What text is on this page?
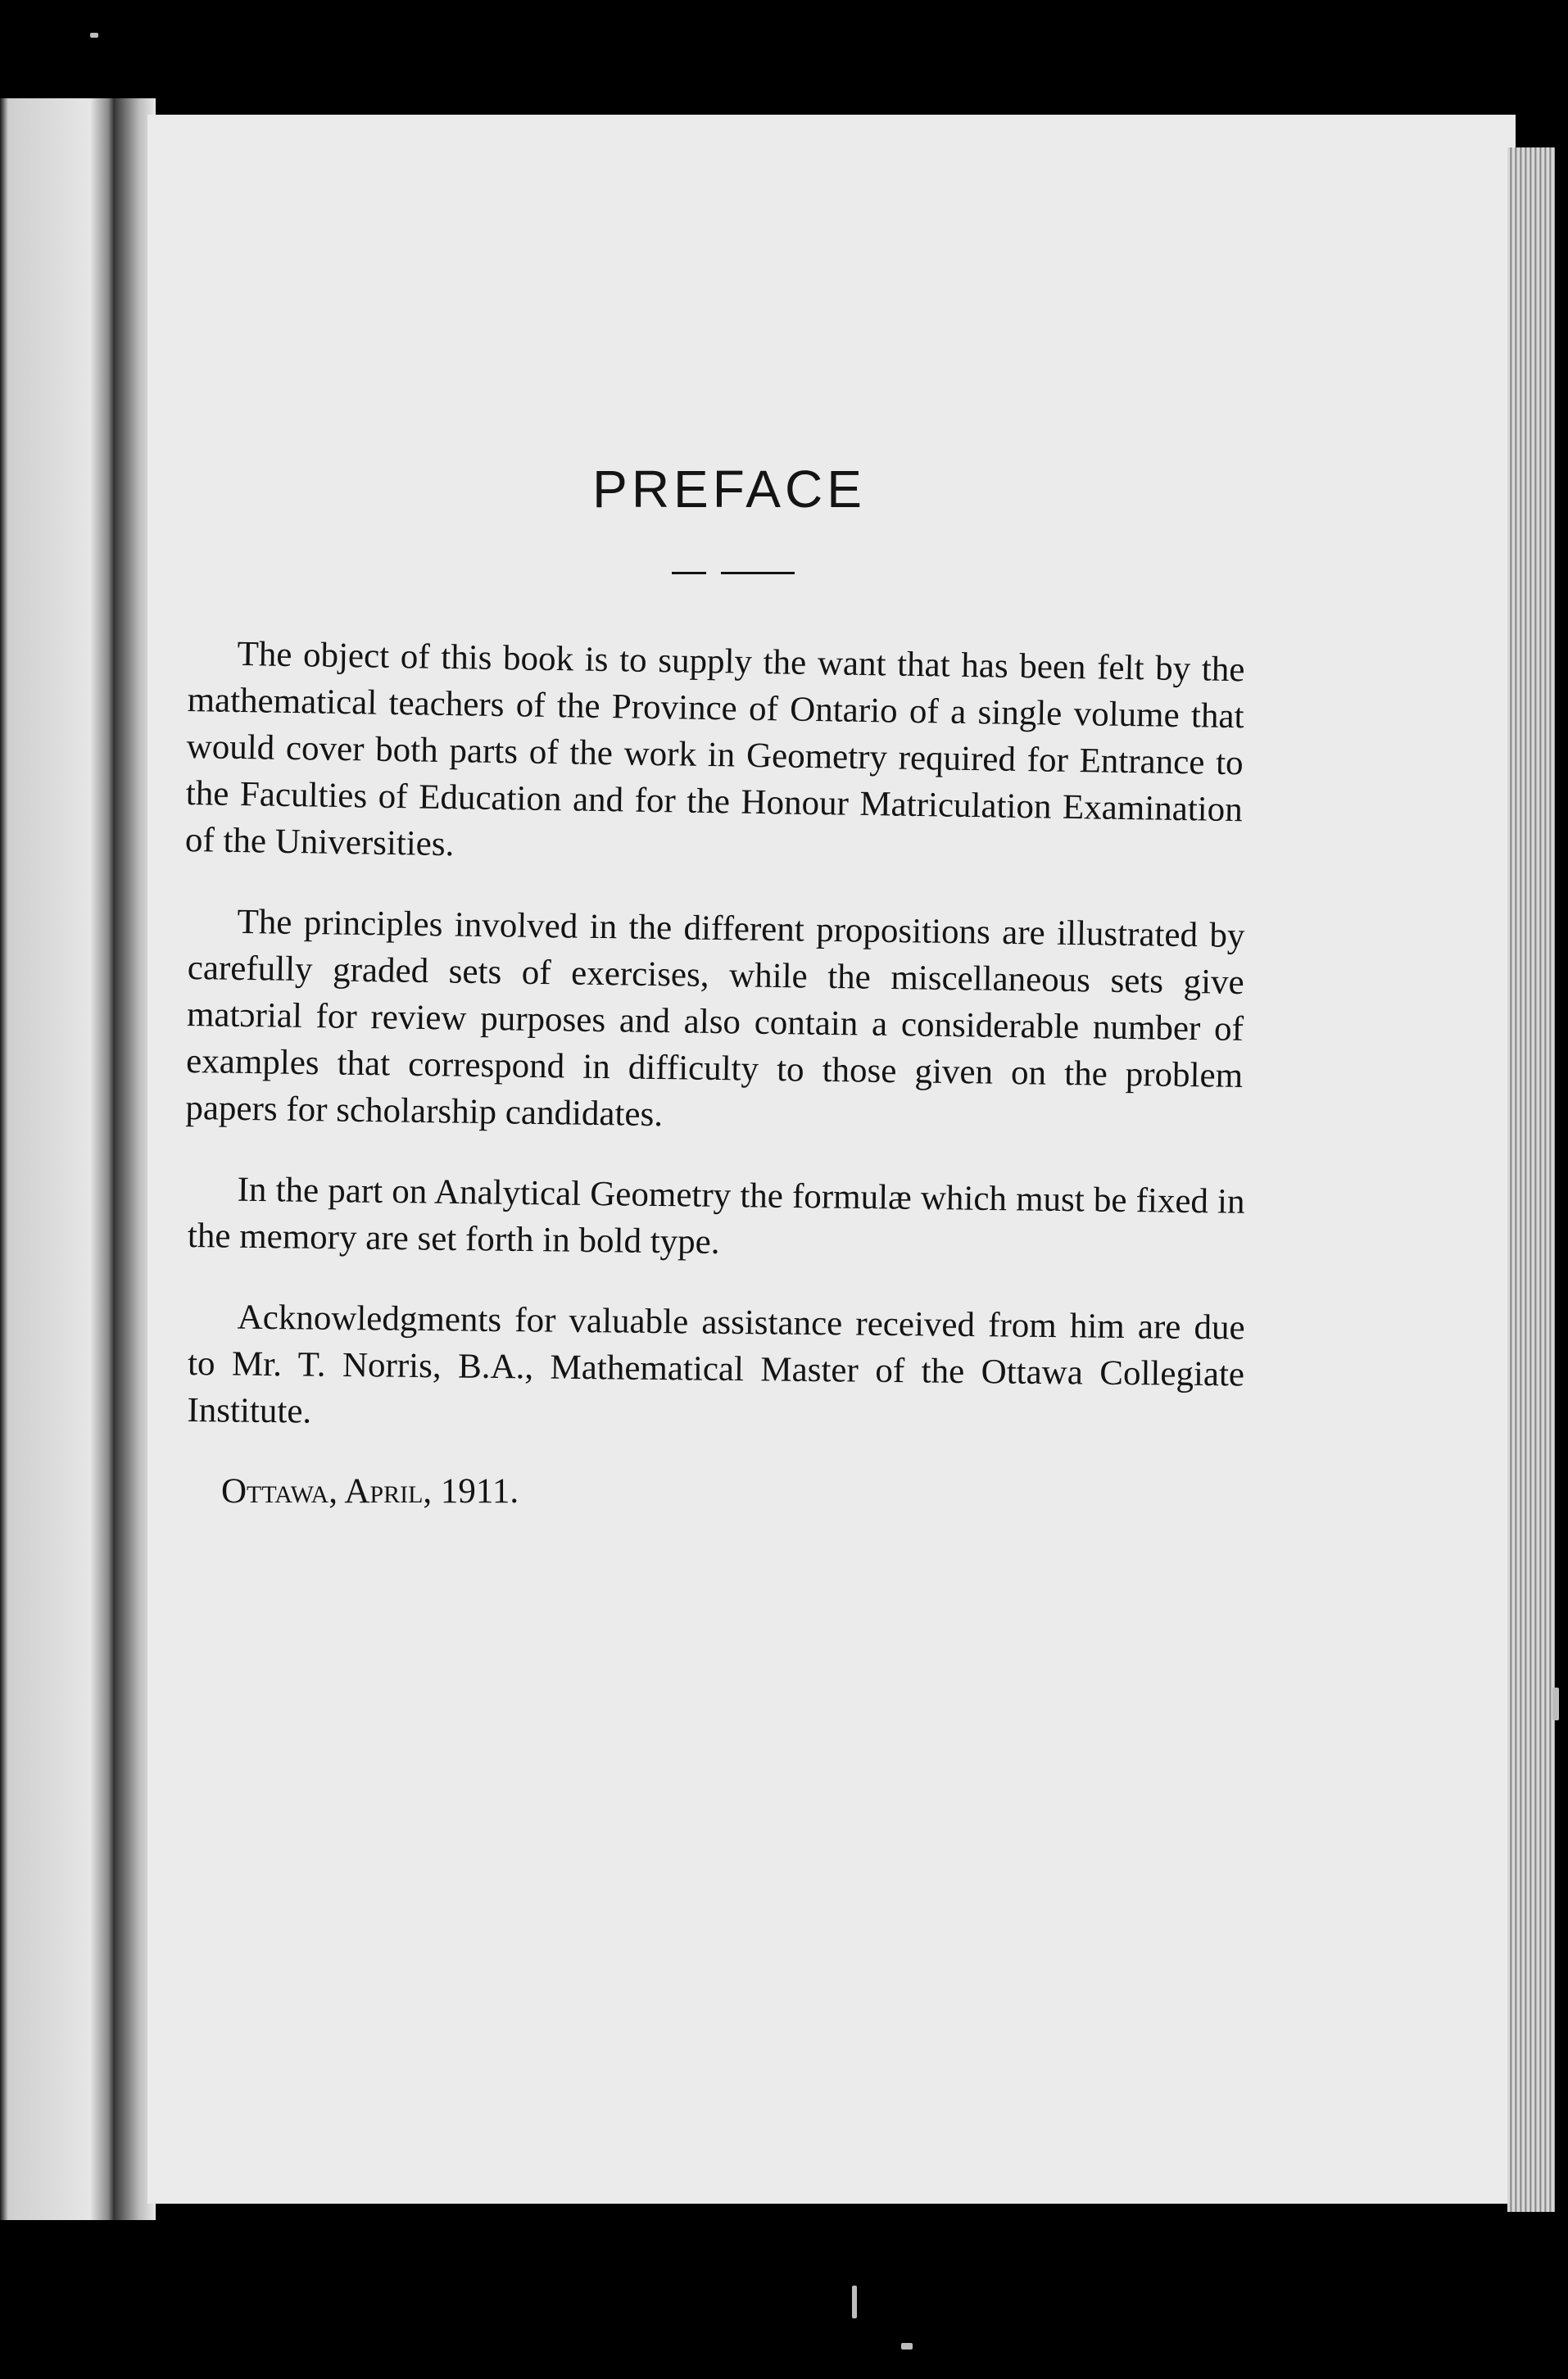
PREFACE

The object of this book is to supply the want that has been felt by the mathematical teachers of the Province of Ontario of a single volume that would cover both parts of the work in Geometry required for Entrance to the Faculties of Education and for the Honour Matriculation Examination of the Universities.

The principles involved in the different propositions are illustrated by carefully graded sets of exercises, while the miscellaneous sets give matɔrial for review purposes and also contain a considerable number of examples that correspond in difficulty to those given on the problem papers for scholarship candidates.

In the part on Analytical Geometry the formulæ which must be fixed in the memory are set forth in bold type.

Acknowledgments for valuable assistance received from him are due to Mr. T. Norris, B.A., Mathematical Master of the Ottawa Collegiate Institute.

Ottawa, April, 1911.
